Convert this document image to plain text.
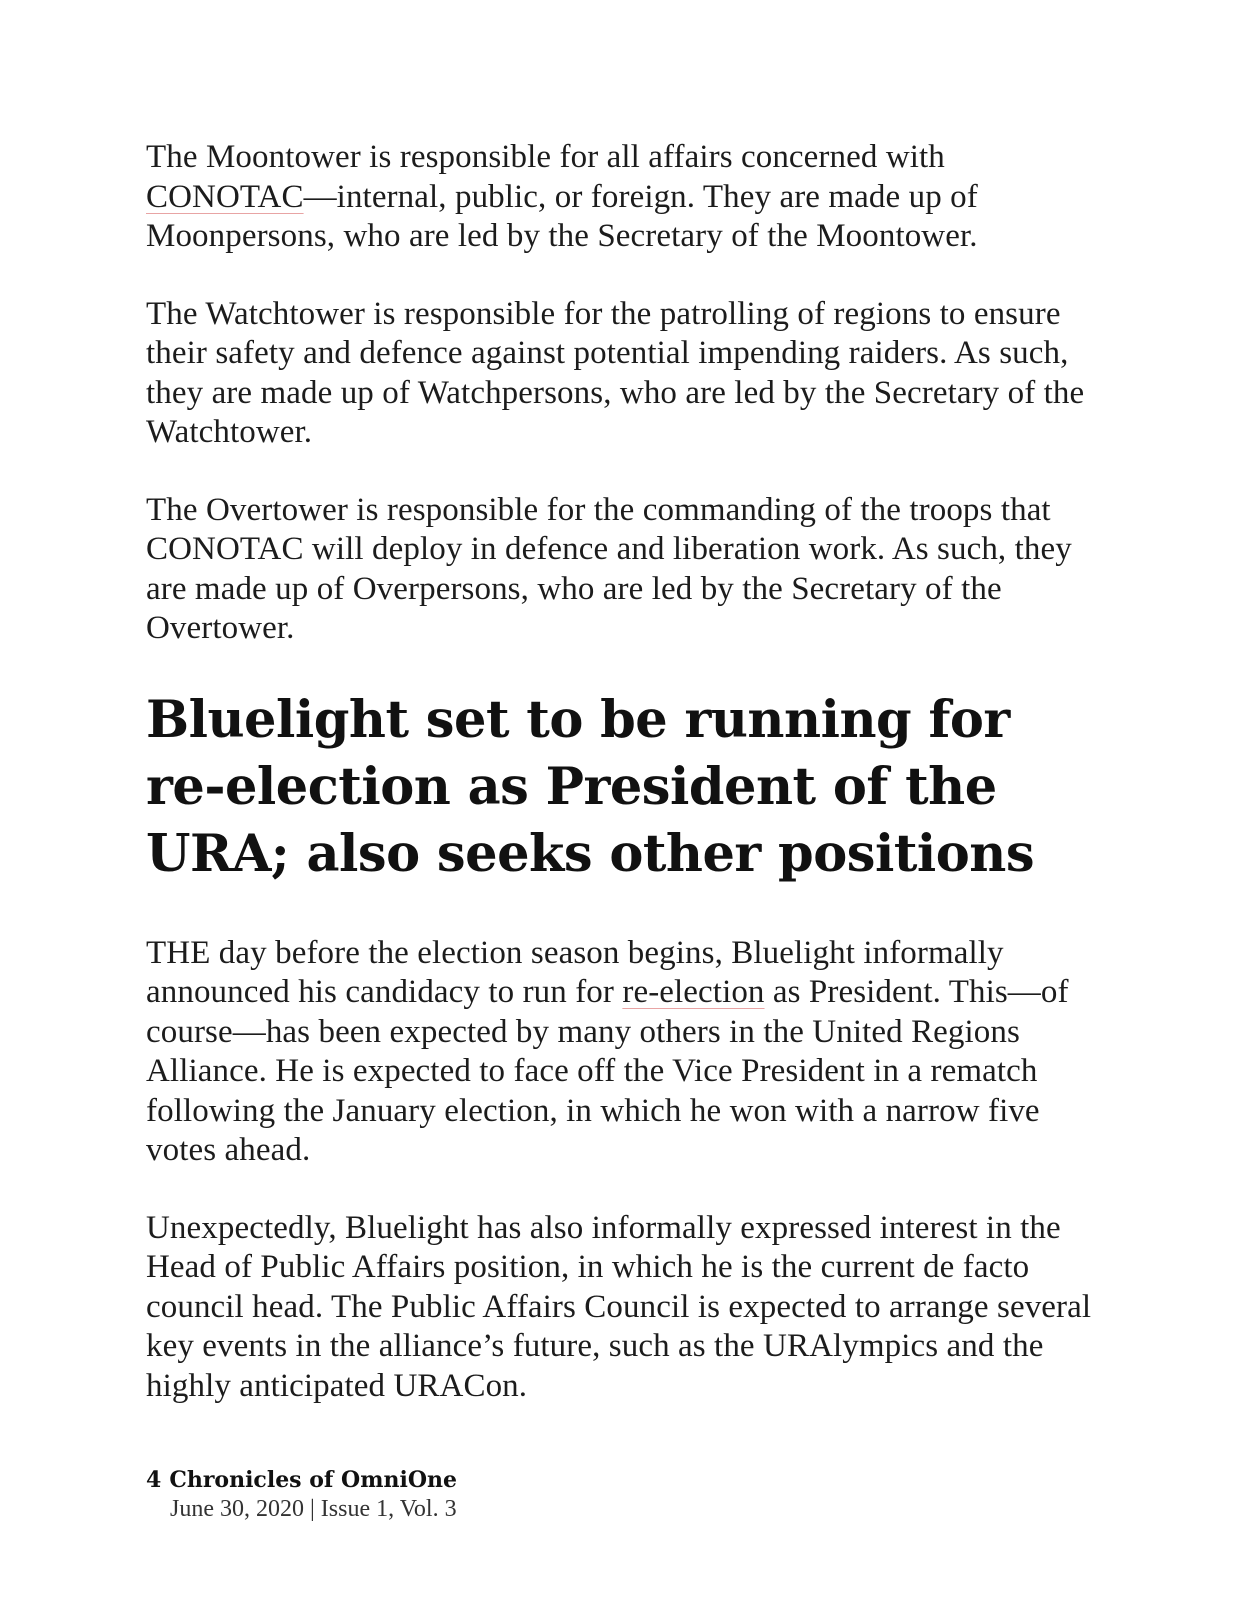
The Moontower is responsible for all affairs concerned with CONOTAC—internal, public, or foreign. They are made up of Moonpersons, who are led by the Secretary of the Moontower.

The Watchtower is responsible for the patrolling of regions to ensure their safety and defence against potential impending raiders. As such, they are made up of Watchpersons, who are led by the Secretary of the Watchtower.

The Overtower is responsible for the commanding of the troops that CONOTAC will deploy in defence and liberation work. As such, they are made up of Overpersons, who are led by the Secretary of the Overtower.

Bluelight set to be running for re-election as President of the URA; also seeks other positions

THE day before the election season begins, Bluelight informally announced his candidacy to run for re-election as President. This—of course—has been expected by many others in the United Regions Alliance. He is expected to face off the Vice President in a rematch following the January election, in which he won with a narrow five votes ahead.

Unexpectedly, Bluelight has also informally expressed interest in the Head of Public Affairs position, in which he is the current de facto council head. The Public Affairs Council is expected to arrange several key events in the alliance’s future, such as the URAlympics and the highly anticipated URACon.

4 Chronicles of OmniOne
June 30, 2020 | Issue 1, Vol. 3
